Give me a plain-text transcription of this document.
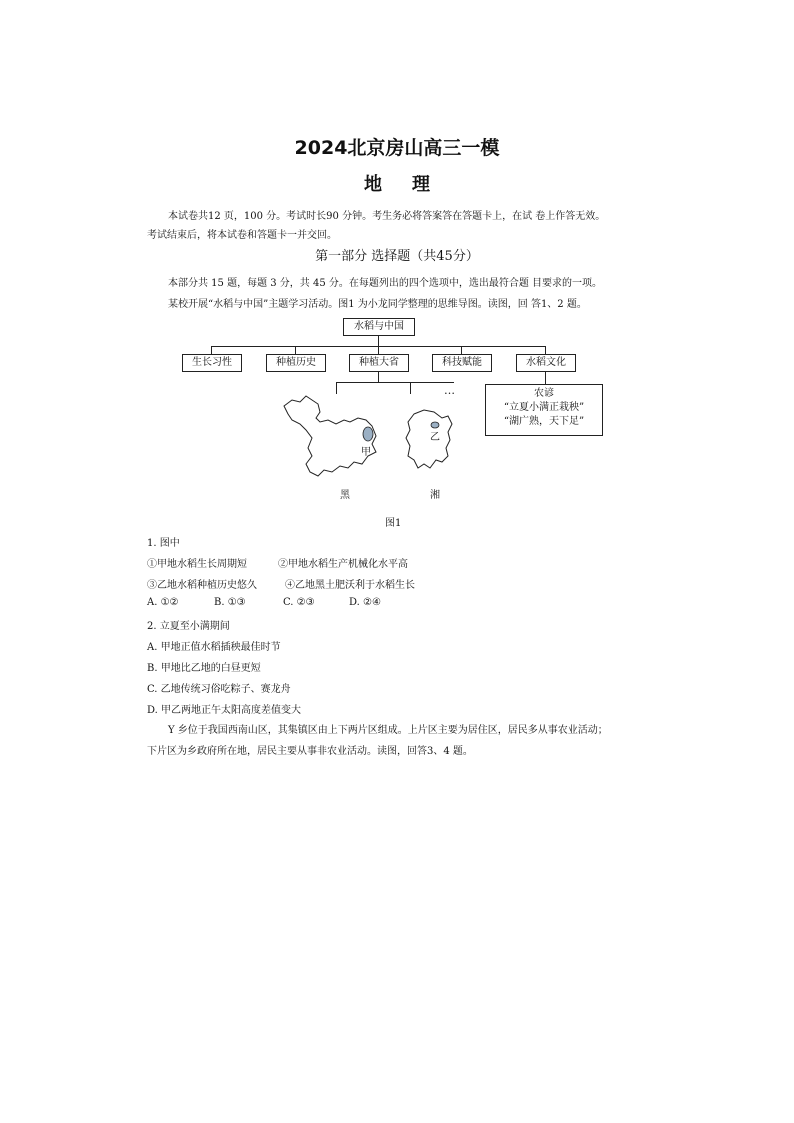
2024北京房山高三一模
地理
本试卷共12 页，100 分。考试时长90 分钟。考生务必将答案答在答题卡上，在试 卷上作答无效。
考试结束后，将本试卷和答题卡一并交回。
第一部分 选择题（共45分）
本部分共 15 题，每题 3 分，共 45 分。在每题列出的四个选项中，选出最符合题 目要求的一项。
某校开展“水稻与中国”主题学习活动。图1 为小龙同学整理的思维导图。读图，回 答1、2 题。
水稻与中国
生长习性	种植历史	种植大省	科技赋能	水稻文化
…	农谚
“立夏小满正栽秧”
“湖广熟，天下足”
甲
乙
黑	湘
图1
1. 图中
①甲地水稻生长周期短	②甲地水稻生产机械化水平高
③乙地水稻种植历史悠久	④乙地黑土肥沃利于水稻生长
A. ①②	B. ①③	C. ②③	D. ②④
2. 立夏至小满期间
A. 甲地正值水稻插秧最佳时节
B. 甲地比乙地的白昼更短
C. 乙地传统习俗吃粽子、赛龙舟
D. 甲乙两地正午太阳高度差值变大
Y 乡位于我国西南山区，其集镇区由上下两片区组成。上片区主要为居住区，居民多从事农业活动；
下片区为乡政府所在地，居民主要从事非农业活动。读图，回答3、4 题。
